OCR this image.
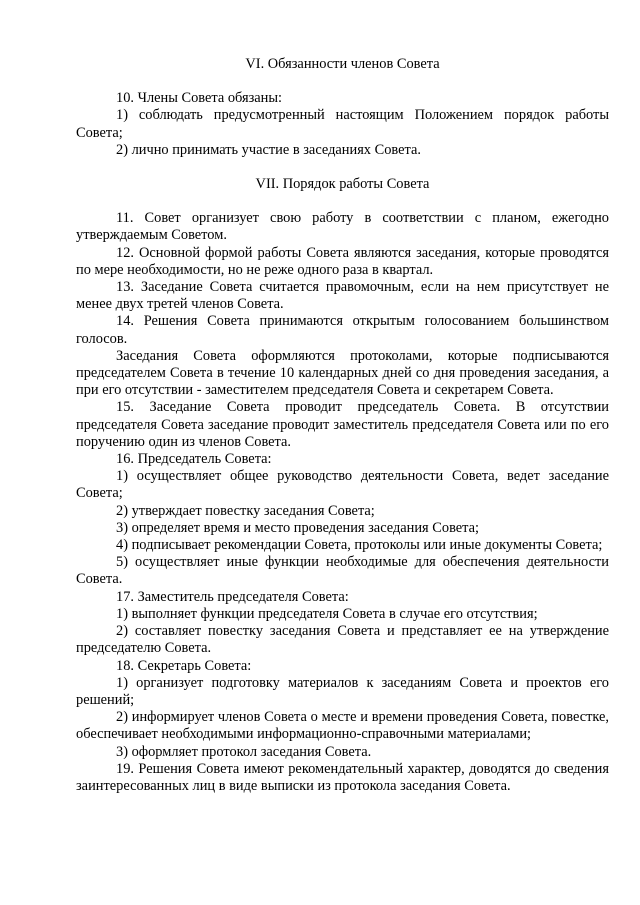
VI. Обязанности членов Совета

10. Члены Совета обязаны:

1) соблюдать предусмотренный настоящим Положением порядок работы Совета;

2) лично принимать участие в заседаниях Совета.

VII. Порядок работы Совета

11. Совет организует свою работу в соответствии с планом, ежегодно утверждаемым Советом.

12. Основной формой работы Совета являются заседания, которые проводятся по мере необходимости, но не реже одного раза в квартал.

13. Заседание Совета считается правомочным, если на нем присутствует не менее двух третей членов Совета.

14. Решения Совета принимаются открытым голосованием большинством голосов.

Заседания Совета оформляются протоколами, которые подписываются председателем Совета в течение 10 календарных дней со дня проведения заседания, а при его отсутствии - заместителем председателя Совета и секретарем Совета.

15. Заседание Совета проводит председатель Совета. В отсутствии председателя Совета заседание проводит заместитель председателя Совета или по его поручению один из членов Совета.

16. Председатель Совета:

1) осуществляет общее руководство деятельности Совета, ведет заседание Совета;

2) утверждает повестку заседания Совета;

3) определяет время и место проведения заседания Совета;

4) подписывает рекомендации Совета, протоколы или иные документы Совета;

5) осуществляет иные функции необходимые для обеспечения деятельности Совета.

17. Заместитель председателя Совета:

1) выполняет функции председателя Совета в случае его отсутствия;

2) составляет повестку заседания Совета и представляет ее на утверждение председателю Совета.

18. Секретарь Совета:

1) организует подготовку материалов к заседаниям Совета и проектов его решений;

2) информирует членов Совета о месте и времени проведения Совета, повестке, обеспечивает необходимыми информационно-справочными материалами;

3) оформляет протокол заседания Совета.

19. Решения Совета имеют рекомендательный характер, доводятся до сведения заинтересованных лиц в виде выписки из протокола заседания Совета.
